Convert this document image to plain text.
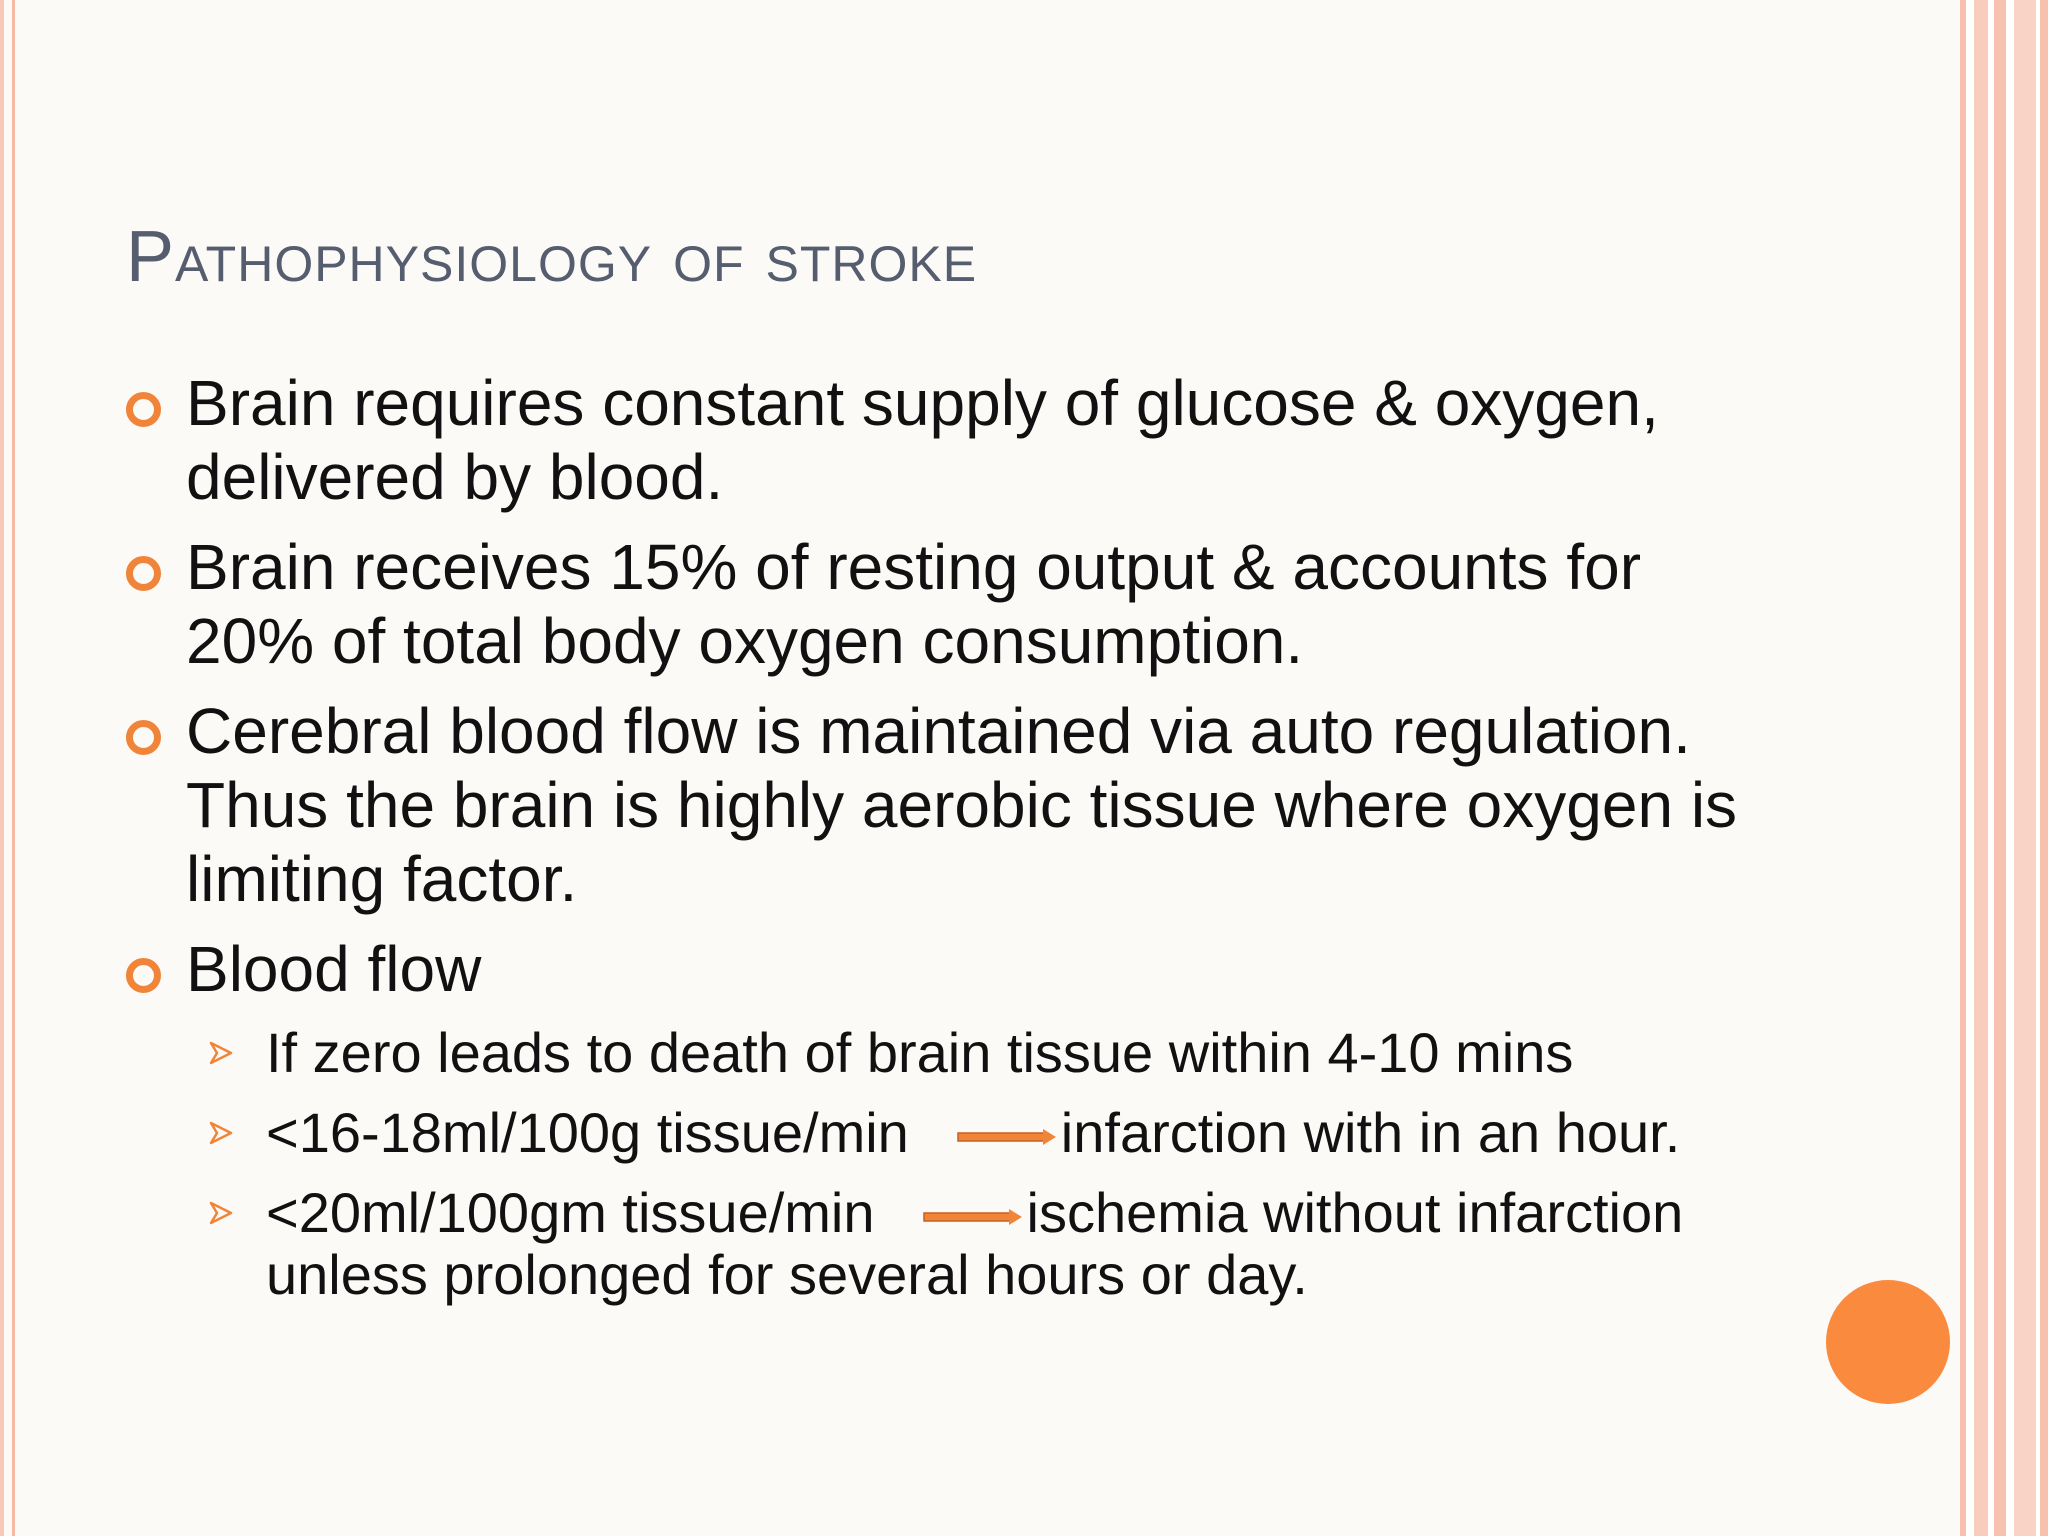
Pathophysiology of stroke
Brain requires constant supply of glucose & oxygen, delivered by blood.
Brain receives 15% of resting output & accounts for 20% of total body oxygen consumption.
Cerebral blood flow is maintained via auto regulation. Thus the brain is highly aerobic tissue where oxygen is limiting factor.
Blood flow
If zero leads to death of brain tissue within 4-10 mins
<16-18ml/100g tissue/min	infarction with in an hour.
<20ml/100gm tissue/min	ischemia without infarction unless prolonged for several hours or day.
